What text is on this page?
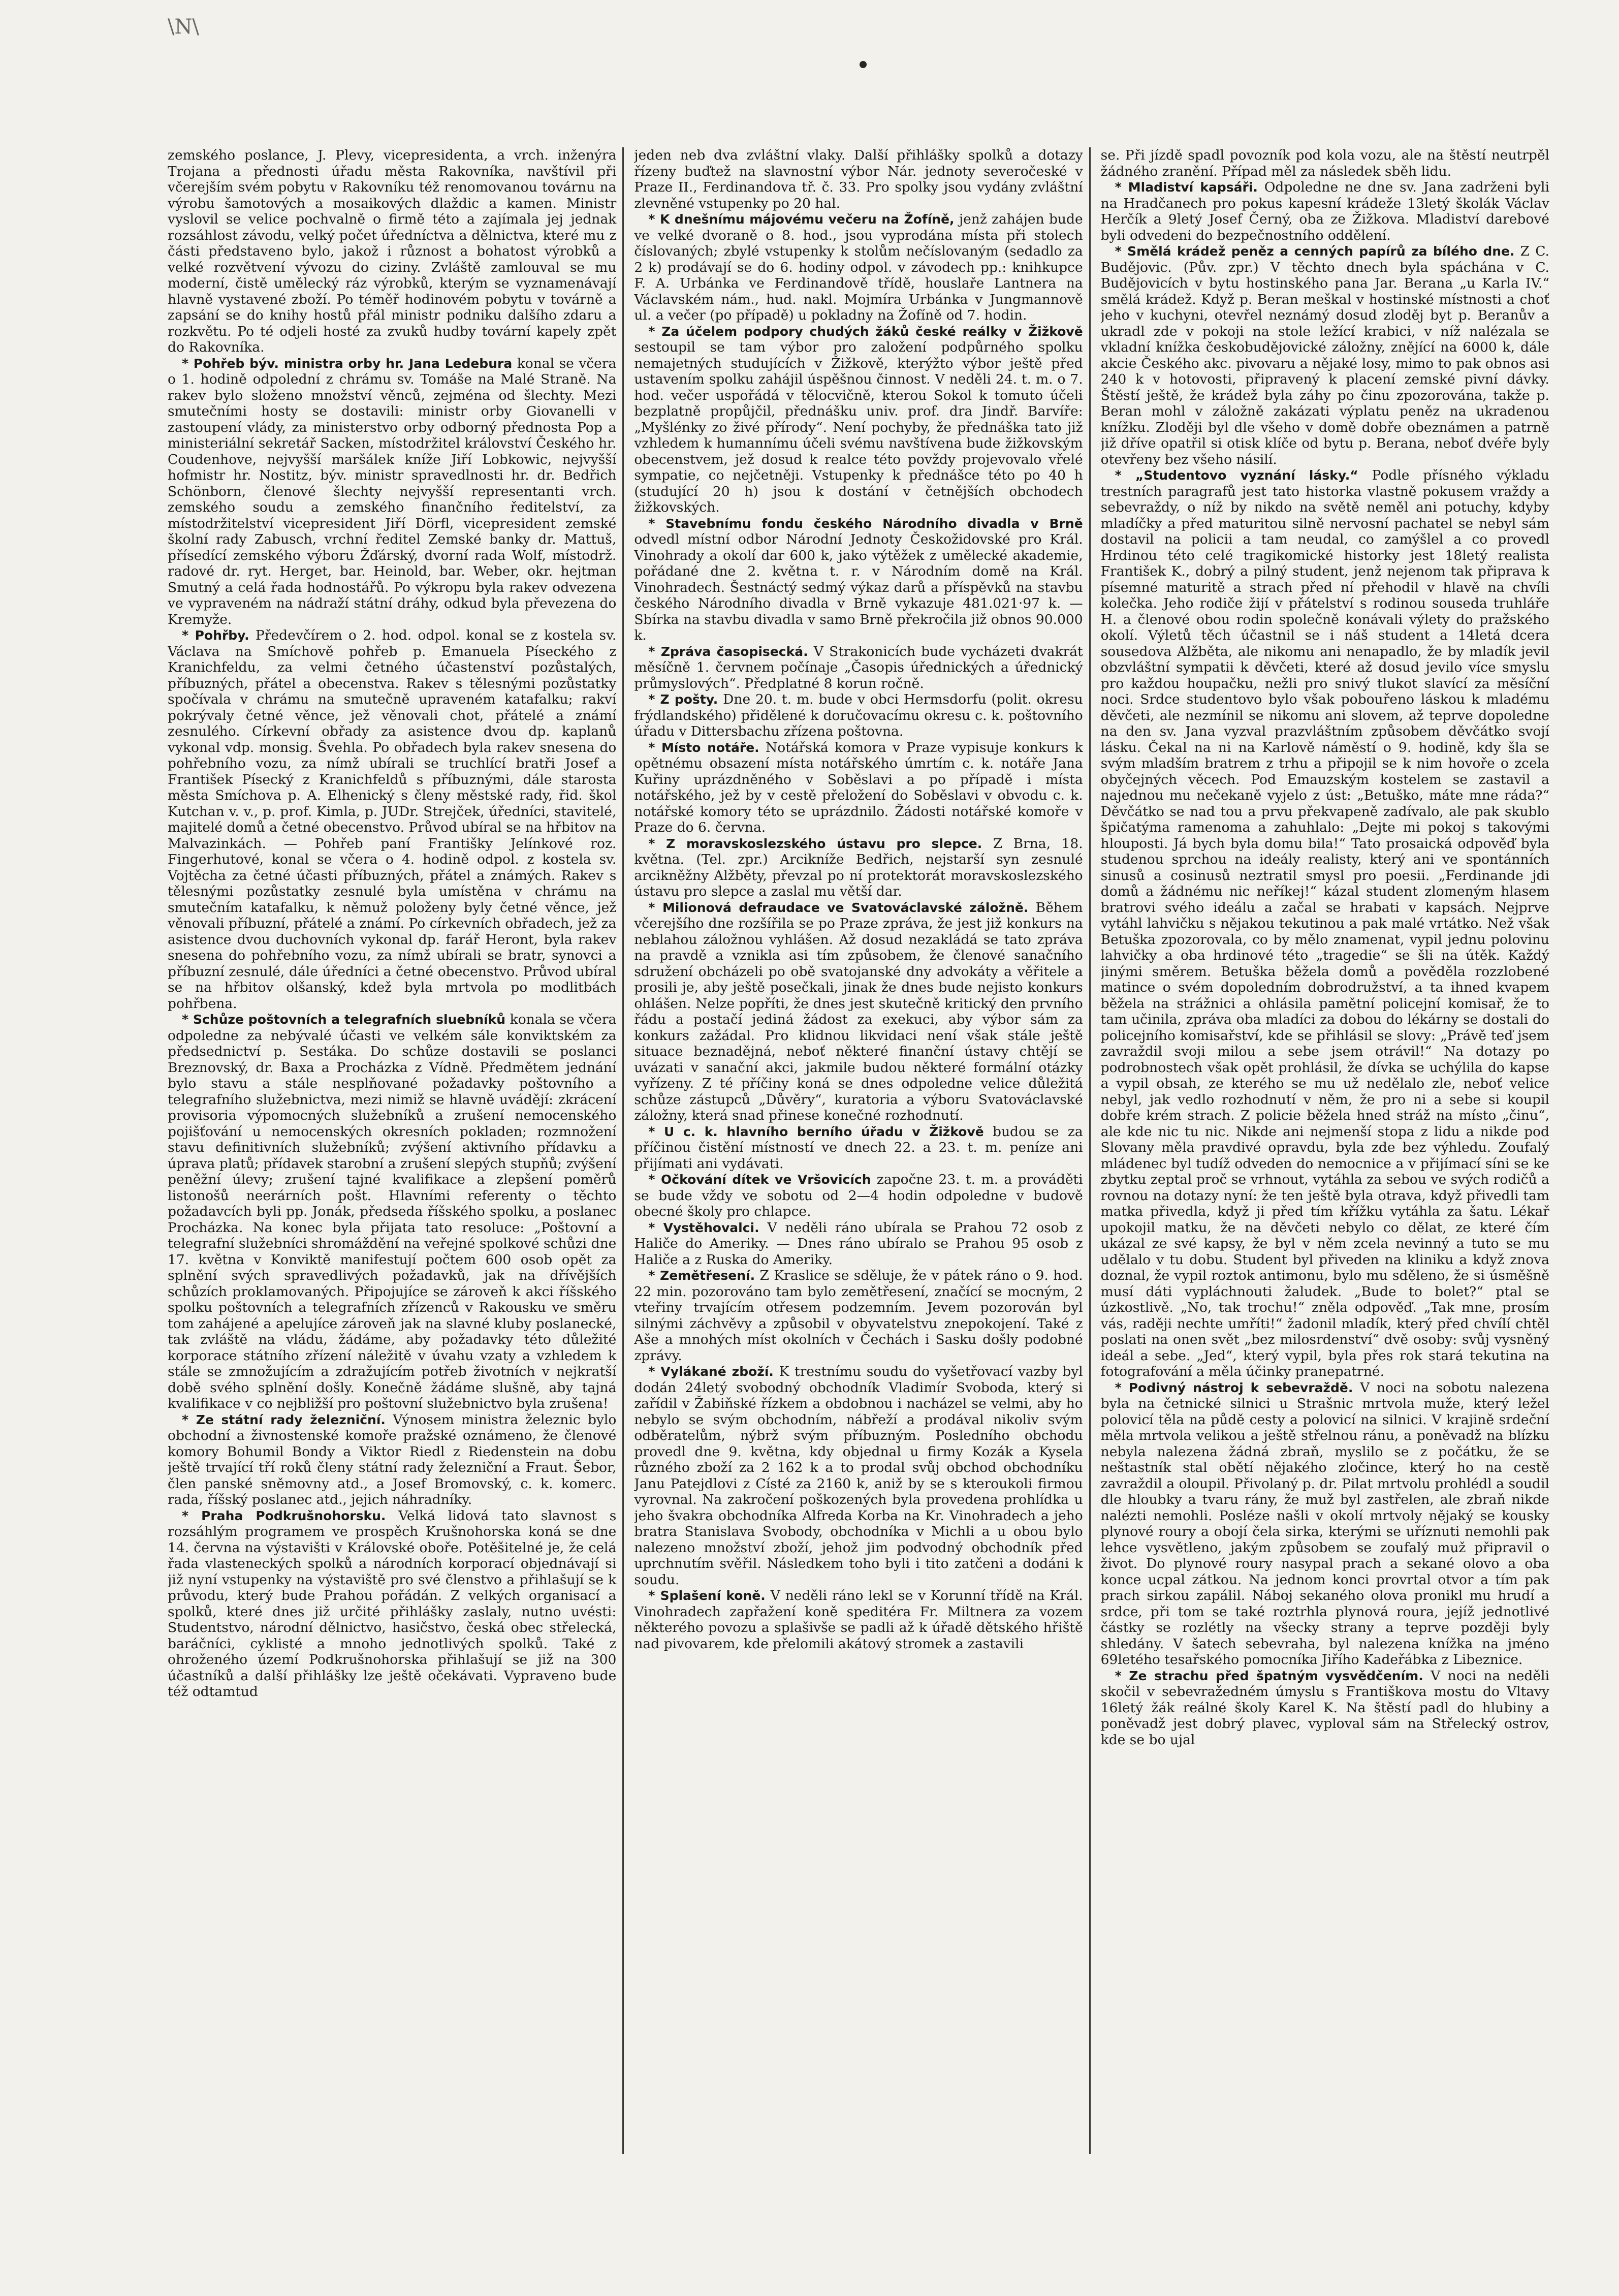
\N\

zemského poslance, J. Plevy, vicepresidenta, a vrch. inženýra Trojana a přednosti úřadu města Rakovníka, navštívil při včerejším svém pobytu v Rakovníku též renomovanou továrnu na výrobu šamotových a mosaikových dlaždic a kamen. Ministr vyslovil se velice pochvalně o firmě této a zajímala jej jednak rozsáhlost závodu, velký počet úředníctva a dělnictva, které mu z části představeno bylo, jakož i různost a bohatost výrobků a velké rozvětvení vývozu do ciziny. Zvláště zamlouval se mu moderní, čistě umělecký ráz výrobků, kterým se vyznamenávají hlavně vystavené zboží. Po téměř hodinovém pobytu v továrně a zapsání se do knihy hostů přál ministr podniku dalšího zdaru a rozkvětu. Po té odjeli hosté za zvuků hudby tovární kapely zpět do Rakovníka.

* Pohřeb býv. ministra orby hr. Jana Ledebura konal se včera o 1. hodině odpolední z chrámu sv. Tomáše na Malé Straně. Na rakev bylo složeno množství věnců, zejména od šlechty. Mezi smutečními hosty se dostavili: ministr orby Giovanelli v zastoupení vlády, za ministerstvo orby odborný přednosta Pop a ministeriální sekretář Sacken, místodržitel království Českého hr. Coudenhove, nejvyšší maršálek kníže Jiří Lobkowic, nejvyšší hofmistr hr. Nostitz, býv. ministr spravedlnosti hr. dr. Bedřich Schönborn, členové šlechty nejvyšší representanti vrch. zemského soudu a zemského finančního ředitelství, za místodržitelství vicepresident Jiří Dörfl, vicepresident zemské školní rady Zabusch, vrchní ředitel Zemské banky dr. Mattuš, přísedící zemského výboru Žďárský, dvorní rada Wolf, místodrž. radové dr. ryt. Herget, bar. Heinold, bar. Weber, okr. hejtman Smutný a celá řada hodnostářů. Po výkropu byla rakev odvezena ve vypraveném na nádraží státní dráhy, odkud byla převezena do Kremyže.

* Pohřby. Předevčírem o 2. hod. odpol. konal se z kostela sv. Václava na Smíchově pohřeb p. Emanuela Píseckého z Kranichfeldu, za velmi četného účastenství pozůstalých, příbuzných, přátel a obecenstva. Rakev s tělesnými pozůstatky spočívala v chrámu na smutečně upraveném katafalku; rakví pokrývaly četné věnce, jež věnovali chot, přátelé a známí zesnulého. Církevní obřady za asistence dvou dp. kaplanů vykonal vdp. monsig. Švehla. Po obřadech byla rakev snesena do pohřebního vozu, za nímž ubírali se truchlící bratři Josef a František Písecký z Kranichfeldů s příbuznými, dále starosta města Smíchova p. A. Elhenický s členy městské rady, řid. škol Kutchan v. v., p. prof. Kimla, p. JUDr. Strejček, úředníci, stavitelé, majitelé domů a četné obecenstvo. Průvod ubíral se na hřbitov na Malvazinkách. — Pohřeb paní Františky Jelínkové roz. Fingerhutové, konal se včera o 4. hodině odpol. z kostela sv. Vojtěcha za četné účasti příbuzných, přátel a známých. Rakev s tělesnými pozůstatky zesnulé byla umístěna v chrámu na smutečním katafalku, k němuž položeny byly četné věnce, jež věnovali příbuzní, přátelé a známí. Po církevních obřadech, jež za asistence dvou duchovních vykonal dp. farář Heront, byla rakev snesena do pohřebního vozu, za nímž ubírali se bratr, synovci a příbuzní zesnulé, dále úředníci a četné obecenstvo. Průvod ubíral se na hřbitov olšanský, kdež byla mrtvola po modlitbách pohřbena.

* Schůze poštovních a telegrafních sluebníků konala se včera odpoledne za nebývalé účasti ve velkém sále konviktském za předsednictví p. Sestáka. Do schůze dostavili se poslanci Breznovský, dr. Baxa a Procházka z Vídně. Předmětem jednání bylo stavu a stále nesplňované požadavky poštovního a telegrafního služebnictva, mezi nimiž se hlavně uvádějí: zkrácení provisoria výpomocných služebníků a zrušení nemocenského pojišťování u nemocenských okresních pokladen; rozmnožení stavu definitivních služebníků; zvýšení aktivního přídavku a úprava platů; přídavek starobní a zrušení slepých stupňů; zvýšení peněžní úlevy; zrušení tajné kvalifikace a zlepšení poměrů listonošů neerárních pošt. Hlavními referenty o těchto požadavcích byli pp. Jonák, předseda říšského spolku, a poslanec Procházka. Na konec byla přijata tato resoluce: „Poštovní a telegrafní služebníci shromáždění na veřejné spolkové schůzi dne 17. května v Konviktě manifestují počtem 600 osob opět za splnění svých spravedlivých požadavků, jak na dřívějších schůzích proklamovaných. Připojujíce se zároveň k akci říšského spolku poštovních a telegrafních zřízenců v Rakousku ve směru tom zahájené a apelujíce zároveň jak na slavné kluby poslanecké, tak zvláště na vládu, žádáme, aby požadavky této důležité korporace státního zřízení náležitě v úvahu vzaty a vzhledem k stále se zmnožujícím a zdražujícím potřeb životních v nejkratší době svého splnění došly. Konečně žádáme slušně, aby tajná kvalifikace v co nejbližší pro poštovní služebnictvo byla zrušena!

* Ze státní rady železniční. Výnosem ministra železnic bylo obchodní a živnostenské komoře pražské oznámeno, že členové komory Bohumil Bondy a Viktor Riedl z Riedenstein na dobu ještě trvající tří roků členy státní rady železniční a Fraut. Šebor, člen panské sněmovny atd., a Josef Bromovský, c. k. komerc. rada, říšský poslanec atd., jejich náhradníky.

* Praha Podkrušnohorsku. Velká lidová tato slavnost s rozsáhlým programem ve prospěch Krušnohorska koná se dne 14. června na výstavišti v Královské oboře. Potěšitelné je, že celá řada vlasteneckých spolků a národních korporací objednávají si již nyní vstupenky na výstaviště pro své členstvo a přihlašují se k průvodu, který bude Prahou pořádán. Z velkých organisací a spolků, které dnes již určité přihlášky zaslaly, nutno uvésti: Studentstvo, národní dělnictvo, hasičstvo, česká obec střelecká, baráčníci, cyklisté a mnoho jednotlivých spolků. Také z ohroženého území Podkrušnohorska přihlašují se již na 300 účastníků a další přihlášky lze ještě očekávati. Vypraveno bude též odtamtud

jeden neb dva zvláštní vlaky. Další přihlášky spolků a dotazy řízeny buďtež na slavnostní výbor Nár. jednoty severočeské v Praze II., Ferdinandova tř. č. 33. Pro spolky jsou vydány zvláštní zlevněné vstupenky po 20 hal.

* K dnešnímu májovému večeru na Žofíně, jenž zahájen bude ve velké dvoraně o 8. hod., jsou vyprodána místa při stolech číslovaných; zbylé vstupenky k stolům nečíslovaným (sedadlo za 2 k) prodávají se do 6. hodiny odpol. v závodech pp.: knihkupce F. A. Urbánka ve Ferdinandově třídě, houslaře Lantnera na Václavském nám., hud. nakl. Mojmíra Urbánka v Jungmannově ul. a večer (po případě) u pokladny na Žofíně od 7. hodin.

* Za účelem podpory chudých žáků české reálky v Žižkově sestoupil se tam výbor pro založení podpůrného spolku nemajetných studujících v Žižkově, kterýžto výbor ještě před ustavením spolku zahájil úspěšnou činnost. V neděli 24. t. m. o 7. hod. večer uspořádá v tělocvičně, kterou Sokol k tomuto účeli bezplatně propůjčil, přednášku univ. prof. dra Jindř. Barvíře: „Myšlénky zo živé přírody“. Není pochyby, že přednáška tato již vzhledem k humannímu účeli svému navštívena bude žižkovským obecenstvem, jež dosud k realce této povždy projevovalo vřelé sympatie, co nejčetněji. Vstupenky k přednášce této po 40 h (studující 20 h) jsou k dostání v četnějších obchodech žižkovských.

* Stavebnímu fondu českého Národního divadla v Brně odvedl místní odbor Národní Jednoty Českožidovské pro Král. Vinohrady a okolí dar 600 k, jako výtěžek z umělecké akademie, pořádané dne 2. května t. r. v Národním domě na Král. Vinohradech. Šestnáctý sedmý výkaz darů a příspěvků na stavbu českého Národního divadla v Brně vykazuje 481.021·97 k. — Sbírka na stavbu divadla v samo Brně překročila již obnos 90.000 k.

* Zpráva časopisecká. V Strakonicích bude vycházeti dvakrát měsíčně 1. červnem počínaje „Časopis úřednických a úřednický průmyslových“. Předplatné 8 korun ročně.

* Z pošty. Dne 20. t. m. bude v obci Hermsdorfu (polit. okresu frýdlandského) přidělené k doručovacímu okresu c. k. poštovního úřadu v Dittersbachu zřízena poštovna.

* Místo notáře. Notářská komora v Praze vypisuje konkurs k opětnému obsazení místa notářského úmrtím c. k. notáře Jana Kuřiny uprázdněného v Soběslavi a po případě i místa notářského, jež by v cestě přeložení do Soběslavi v obvodu c. k. notářské komory této se uprázdnilo. Žádosti notářské komoře v Praze do 6. června.

* Z moravskoslezského ústavu pro slepce. Z Brna, 18. května. (Tel. zpr.) Arcikníže Bedřich, nejstarší syn zesnulé arcikněžny Alžběty, převzal po ní protektorát moravskoslezského ústavu pro slepce a zaslal mu větší dar.

* Milionová defraudace ve Svatováclavské záložně. Během včerejšího dne rozšířila se po Praze zpráva, že jest již konkurs na neblahou záložnou vyhlášen. Až dosud nezakládá se tato zpráva na pravdě a vznikla asi tím způsobem, že členové sanačního sdružení obcházeli po obě svatojanské dny advokáty a věřitele a prosili je, aby ještě posečkali, jinak že dnes bude nejisto konkurs ohlášen. Nelze popříti, že dnes jest skutečně kritický den prvního řádu a postačí jediná žádost za exekuci, aby výbor sám za konkurs zažádal. Pro klidnou likvidaci není však stále ještě situace beznadějná, neboť některé finanční ústavy chtějí se uvázati v sanační akci, jakmile budou některé formální otázky vyřízeny. Z té příčiny koná se dnes odpoledne velice důležitá schůze zástupců „Důvěry“, kuratoria a výboru Svatováclavské záložny, která snad přinese konečné rozhodnutí.

* U c. k. hlavního berního úřadu v Žižkově budou se za příčinou čistění místností ve dnech 22. a 23. t. m. peníze ani přijímati ani vydávati.

* Očkování dítek ve Vršovicích započne 23. t. m. a prováděti se bude vždy ve sobotu od 2—4 hodin odpoledne v budově obecné školy pro chlapce.

* Vystěhovalci. V neděli ráno ubírala se Prahou 72 osob z Haliče do Ameriky. — Dnes ráno ubíralo se Prahou 95 osob z Haliče a z Ruska do Ameriky.

* Zemětřesení. Z Kraslice se sděluje, že v pátek ráno o 9. hod. 22 min. pozorováno tam bylo zemětřesení, značící se mocným, 2 vteřiny trvajícím otřesem podzemním. Jevem pozorován byl silnými záchvěvy a způsobil v obyvatelstvu znepokojení. Také z Aše a mnohých míst okolních v Čechách i Sasku došly podobné zprávy.

* Vylákané zboží. K trestnímu soudu do vyšetřovací vazby byl dodán 24letý svobodný obchodník Vladimír Svoboda, který si zařídil v Žabiňské řízkem a obdobnou i nacházel se velmi, aby ho nebylo se svým obchodním, nábřeží a prodával nikoliv svým odběratelům, nýbrž svým příbuzným. Posledního obchodu provedl dne 9. května, kdy objednal u firmy Kozák a Kysela různého zboží za 2 162 k a to prodal svůj obchod obchodníku Janu Patejdlovi z Císté za 2160 k, aniž by se s kteroukoli firmou vyrovnal. Na zakročení poškozených byla provedena prohlídka u jeho švakra obchodníka Alfreda Korba na Kr. Vinohradech a jeho bratra Stanislava Svobody, obchodníka v Michli a u obou bylo nalezeno množství zboží, jehož jim podvodný obchodník před uprchnutím svěřil. Následkem toho byli i tito zatčeni a dodáni k soudu.

* Splašení koně. V neděli ráno lekl se v Korunní třídě na Král. Vinohradech zapřažení koně speditéra Fr. Miltnera za vozem některého povozu a splašivše se padli až k úřadě dětského hřiště nad pivovarem, kde přelomili akátový stromek a zastavili

se. Při jízdě spadl povozník pod kola vozu, ale na štěstí neutrpěl žádného zranění. Případ měl za následek sběh lidu.

* Mladiství kapsáři. Odpoledne ne dne sv. Jana zadrženi byli na Hradčanech pro pokus kapesní krádeže 13letý školák Václav Herčík a 9letý Josef Černý, oba ze Žižkova. Mladiství darebové byli odvedeni do bezpečnostního oddělení.

* Smělá krádež peněz a cenných papírů za bílého dne. Z C. Budějovic. (Pův. zpr.) V těchto dnech byla spáchána v C. Budějovicích v bytu hostinského pana Jar. Berana „u Karla IV.“ smělá krádež. Když p. Beran meškal v hostinské místnosti a choť jeho v kuchyni, otevřel neznámý dosud zloděj byt p. Beranův a ukradl zde v pokoji na stole ležící krabici, v níž nalézala se vkladní knížka českobudějovické záložny, znějící na 6000 k, dále akcie Českého akc. pivovaru a nějaké losy, mimo to pak obnos asi 240 k v hotovosti, připravený k placení zemské pivní dávky. Štěstí ještě, že krádež byla záhy po činu zpozorována, takže p. Beran mohl v záložně zakázati výplatu peněz na ukradenou knížku. Zloději byl dle všeho v domě dobře obeznámen a patrně již dříve opatřil si otisk klíče od bytu p. Berana, neboť dvéře byly otevřeny bez všeho násilí.

* „Studentovo vyznání lásky.“ Podle přísného výkladu trestních paragrafů jest tato historka vlastně pokusem vraždy a sebevraždy, o níž by nikdo na světě neměl ani potuchy, kdyby mladíčky a před maturitou silně nervosní pachatel se nebyl sám dostavil na policii a tam neudal, co zamýšlel a co provedl Hrdinou této celé tragikomické historky jest 18letý realista František K., dobrý a pilný student, jenž nejenom tak připrava k písemné maturitě a strach před ní přehodil v hlavě na chvíli kolečka. Jeho rodiče žijí v přátelství s rodinou souseda truhláře H. a členové obou rodin společně konávali výlety do pražského okolí. Výletů těch účastnil se i náš student a 14letá dcera sousedova Alžběta, ale nikomu ani nenapadlo, že by mladík jevil obzvláštní sympatii k děvčeti, které až dosud jevilo více smyslu pro každou houpačku, nežli pro snivý tlukot slavící za měsíční noci. Srdce studentovo bylo však pobouřeno láskou k mladému děvčeti, ale nezmínil se nikomu ani slovem, až teprve dopoledne na den sv. Jana vyzval prazvláštním způsobem děvčátko svojí lásku. Čekal na ni na Karlově náměstí o 9. hodině, kdy šla se svým mladším bratrem z trhu a připojil se k nim hovoře o zcela obyčejných věcech. Pod Emauzským kostelem se zastavil a najednou mu nečekaně vyjelo z úst: „Betuško, máte mne ráda?“ Děvčátko se nad tou a prvu překvapeně zadívalo, ale pak skublo špičatýma ramenoma a zahuhlalo: „Dejte mi pokoj s takovými hlouposti. Já bych byla domu bila!“ Tato prosaická odpověď byla studenou sprchou na ideály realisty, který ani ve spontánních sinusů a cosinusů neztratil smysl pro poesii. „Ferdinande jdi domů a žádnému nic neříkej!“ kázal student zlomeným hlasem bratrovi svého ideálu a začal se hrabati v kapsách. Nejprve vytáhl lahvičku s nějakou tekutinou a pak malé vrtátko. Než však Betuška zpozorovala, co by mělo znamenat, vypil jednu polovinu lahvičky a oba hrdinové této „tragedie“ se šli na útěk. Každý jinými směrem. Betuška běžela domů a pověděla rozzlobené matince o svém dopoledním dobrodružství, a ta ihned kvapem běžela na strážnici a ohlásila pamětní policejní komisař, že to tam učinila, zpráva oba mladíci za dobou do lékárny se dostali do policejního komisařství, kde se přihlásil se slovy: „Právě teď jsem zavraždil svoji milou a sebe jsem otrávil!“ Na dotazy po podrobnostech však opět prohlásil, že dívka se uchýlila do kapse a vypil obsah, ze kterého se mu už nedělalo zle, neboť velice nebyl, jak vedlo rozhodnutí v něm, že pro ni a sebe si koupil dobře krém strach. Z policie běžela hned stráž na místo „činu“, ale kde nic tu nic. Nikde ani nejmenší stopa z lidu a nikde pod Slovany měla pravdivé opravdu, byla zde bez výhledu. Zoufalý mládenec byl tudíž odveden do nemocnice a v přijímací síni se ke zbytku zeptal proč se vrhnout, vytáhla za sebou ve svých rodičů a rovnou na dotazy nyní: že ten ještě byla otrava, když přivedli tam matka přivedla, když ji před tím křížku vytáhla za šatu. Lékař upokojil matku, že na děvčeti nebylo co dělat, ze které čím ukázal ze své kapsy, že byl v něm zcela nevinný a tuto se mu udělalo v tu dobu. Student byl přiveden na kliniku a když znova doznal, že vypil roztok antimonu, bylo mu sděleno, že si úsměšně musí dáti vypláchnouti žaludek. „Bude to bolet?“ ptal se úzkostlivě. „No, tak trochu!“ zněla odpověď. „Tak mne, prosím vás, raději nechte umříti!“ žadonil mladík, který před chvílí chtěl poslati na onen svět „bez milosrdenství“ dvě osoby: svůj vysněný ideál a sebe. „Jed“, který vypil, byla přes rok stará tekutina na fotografování a měla účinky pranepatrné.

* Podivný nástroj k sebevraždě. V noci na sobotu nalezena byla na četnické silnici u Strašnic mrtvola muže, který ležel polovicí těla na půdě cesty a polovicí na silnici. V krajině srdeční měla mrtvola velikou a ještě střelnou ránu, a poněvadž na blízku nebyla nalezena žádná zbraň, myslilo se z počátku, že se neštastník stal obětí nějakého zločince, který ho na cestě zavraždil a oloupil. Přivolaný p. dr. Pilat mrtvolu prohlédl a soudil dle hloubky a tvaru rány, že muž byl zastřelen, ale zbraň nikde nalézti nemohli. Posléze našli v okolí mrtvoly nějaký se kousky plynové roury a obojí čela sirka, kterými se uříznuti nemohli pak lehce vysvětleno, jakým způsobem se zoufalý muž připravil o život. Do plynové roury nasypal prach a sekané olovo a oba konce ucpal zátkou. Na jednom konci provrtal otvor a tím pak prach sirkou zapálil. Náboj sekaného olova pronikl mu hrudí a srdce, při tom se také roztrhla plynová roura, jejíž jednotlivé částky se rozlétly na všecky strany a teprve později byly shledány. V šatech sebevraha, byl nalezena knížka na jméno 69letého tesařského pomocníka Jiřího Kadeřábka z Libeznice.

* Ze strachu před špatným vysvědčením. V noci na neděli skočil v sebevražedném úmyslu s Františkova mostu do Vltavy 16letý žák reálné školy Karel K. Na štěstí padl do hlubiny a poněvadž jest dobrý plavec, vyploval sám na Střelecký ostrov, kde se bo ujal
